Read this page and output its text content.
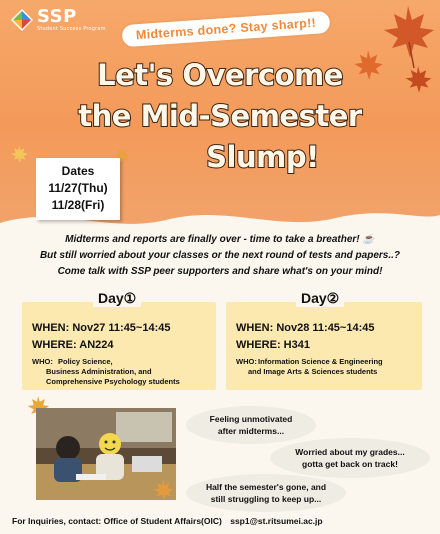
SSP
Student Success Program Midterms done? Stay sharp!!
Let's Overcome
the Mid-Semester
Slump!
Dates
11/27(Thu)
11/28(Fri)
Midterms and reports are finally over - time to take a breather! ☕
But still worried about your classes or the next round of tests and papers..?
Come talk with SSP peer supporters and share what's on your mind!
WHEN: Nov27 11:45~14:45
WHERE: AN224
WHO: Policy Science,
Business Administration, and
Comprehensive Psychology students
Day①
WHEN: Nov28 11:45~14:45
WHERE: H341
WHO: Information Science & Engineering
and Image Arts & Sciences students
Day②
Feeling unmotivated
after midterms...
Worried about my grades...
gotta get back on track!
Half the semester's gone, and
still struggling to keep up...
For Inquiries, contact: Office of Student Affairs(OIC) ssp1@st.ritsumei.ac.jp
